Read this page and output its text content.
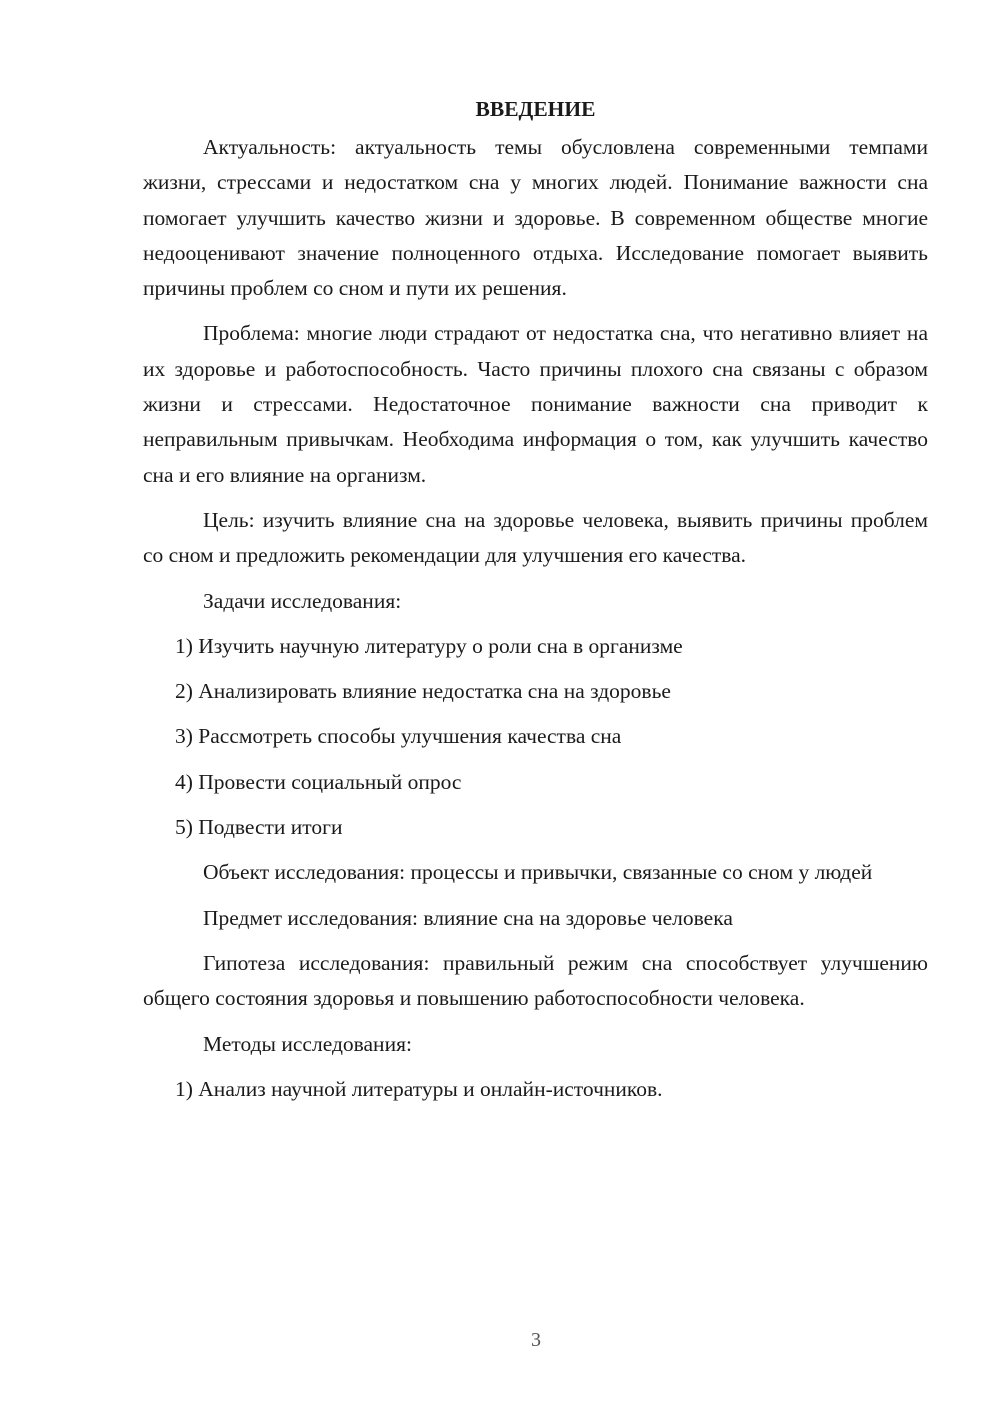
ВВЕДЕНИЕ

Актуальность: актуальность темы обусловлена современными темпами жизни, стрессами и недостатком сна у многих людей. Понимание важности сна помогает улучшить качество жизни и здоровье. В современном обществе многие недооценивают значение полноценного отдыха. Исследование помогает выявить причины проблем со сном и пути их решения.

Проблема: многие люди страдают от недостатка сна, что негативно влияет на их здоровье и работоспособность. Часто причины плохого сна связаны с образом жизни и стрессами. Недостаточное понимание важности сна приводит к неправильным привычкам. Необходима информация о том, как улучшить качество сна и его влияние на организм.

Цель: изучить влияние сна на здоровье человека, выявить причины проблем со сном и предложить рекомендации для улучшения его качества.

Задачи исследования:

1) Изучить научную литературу о роли сна в организме

2) Анализировать влияние недостатка сна на здоровье

3) Рассмотреть способы улучшения качества сна

4) Провести социальный опрос

5) Подвести итоги

Объект исследования: процессы и привычки, связанные со сном у людей

Предмет исследования: влияние сна на здоровье человека

Гипотеза исследования: правильный режим сна способствует улучшению общего состояния здоровья и повышению работоспособности человека.

Методы исследования:

1) Анализ научной литературы и онлайн-источников.

3
